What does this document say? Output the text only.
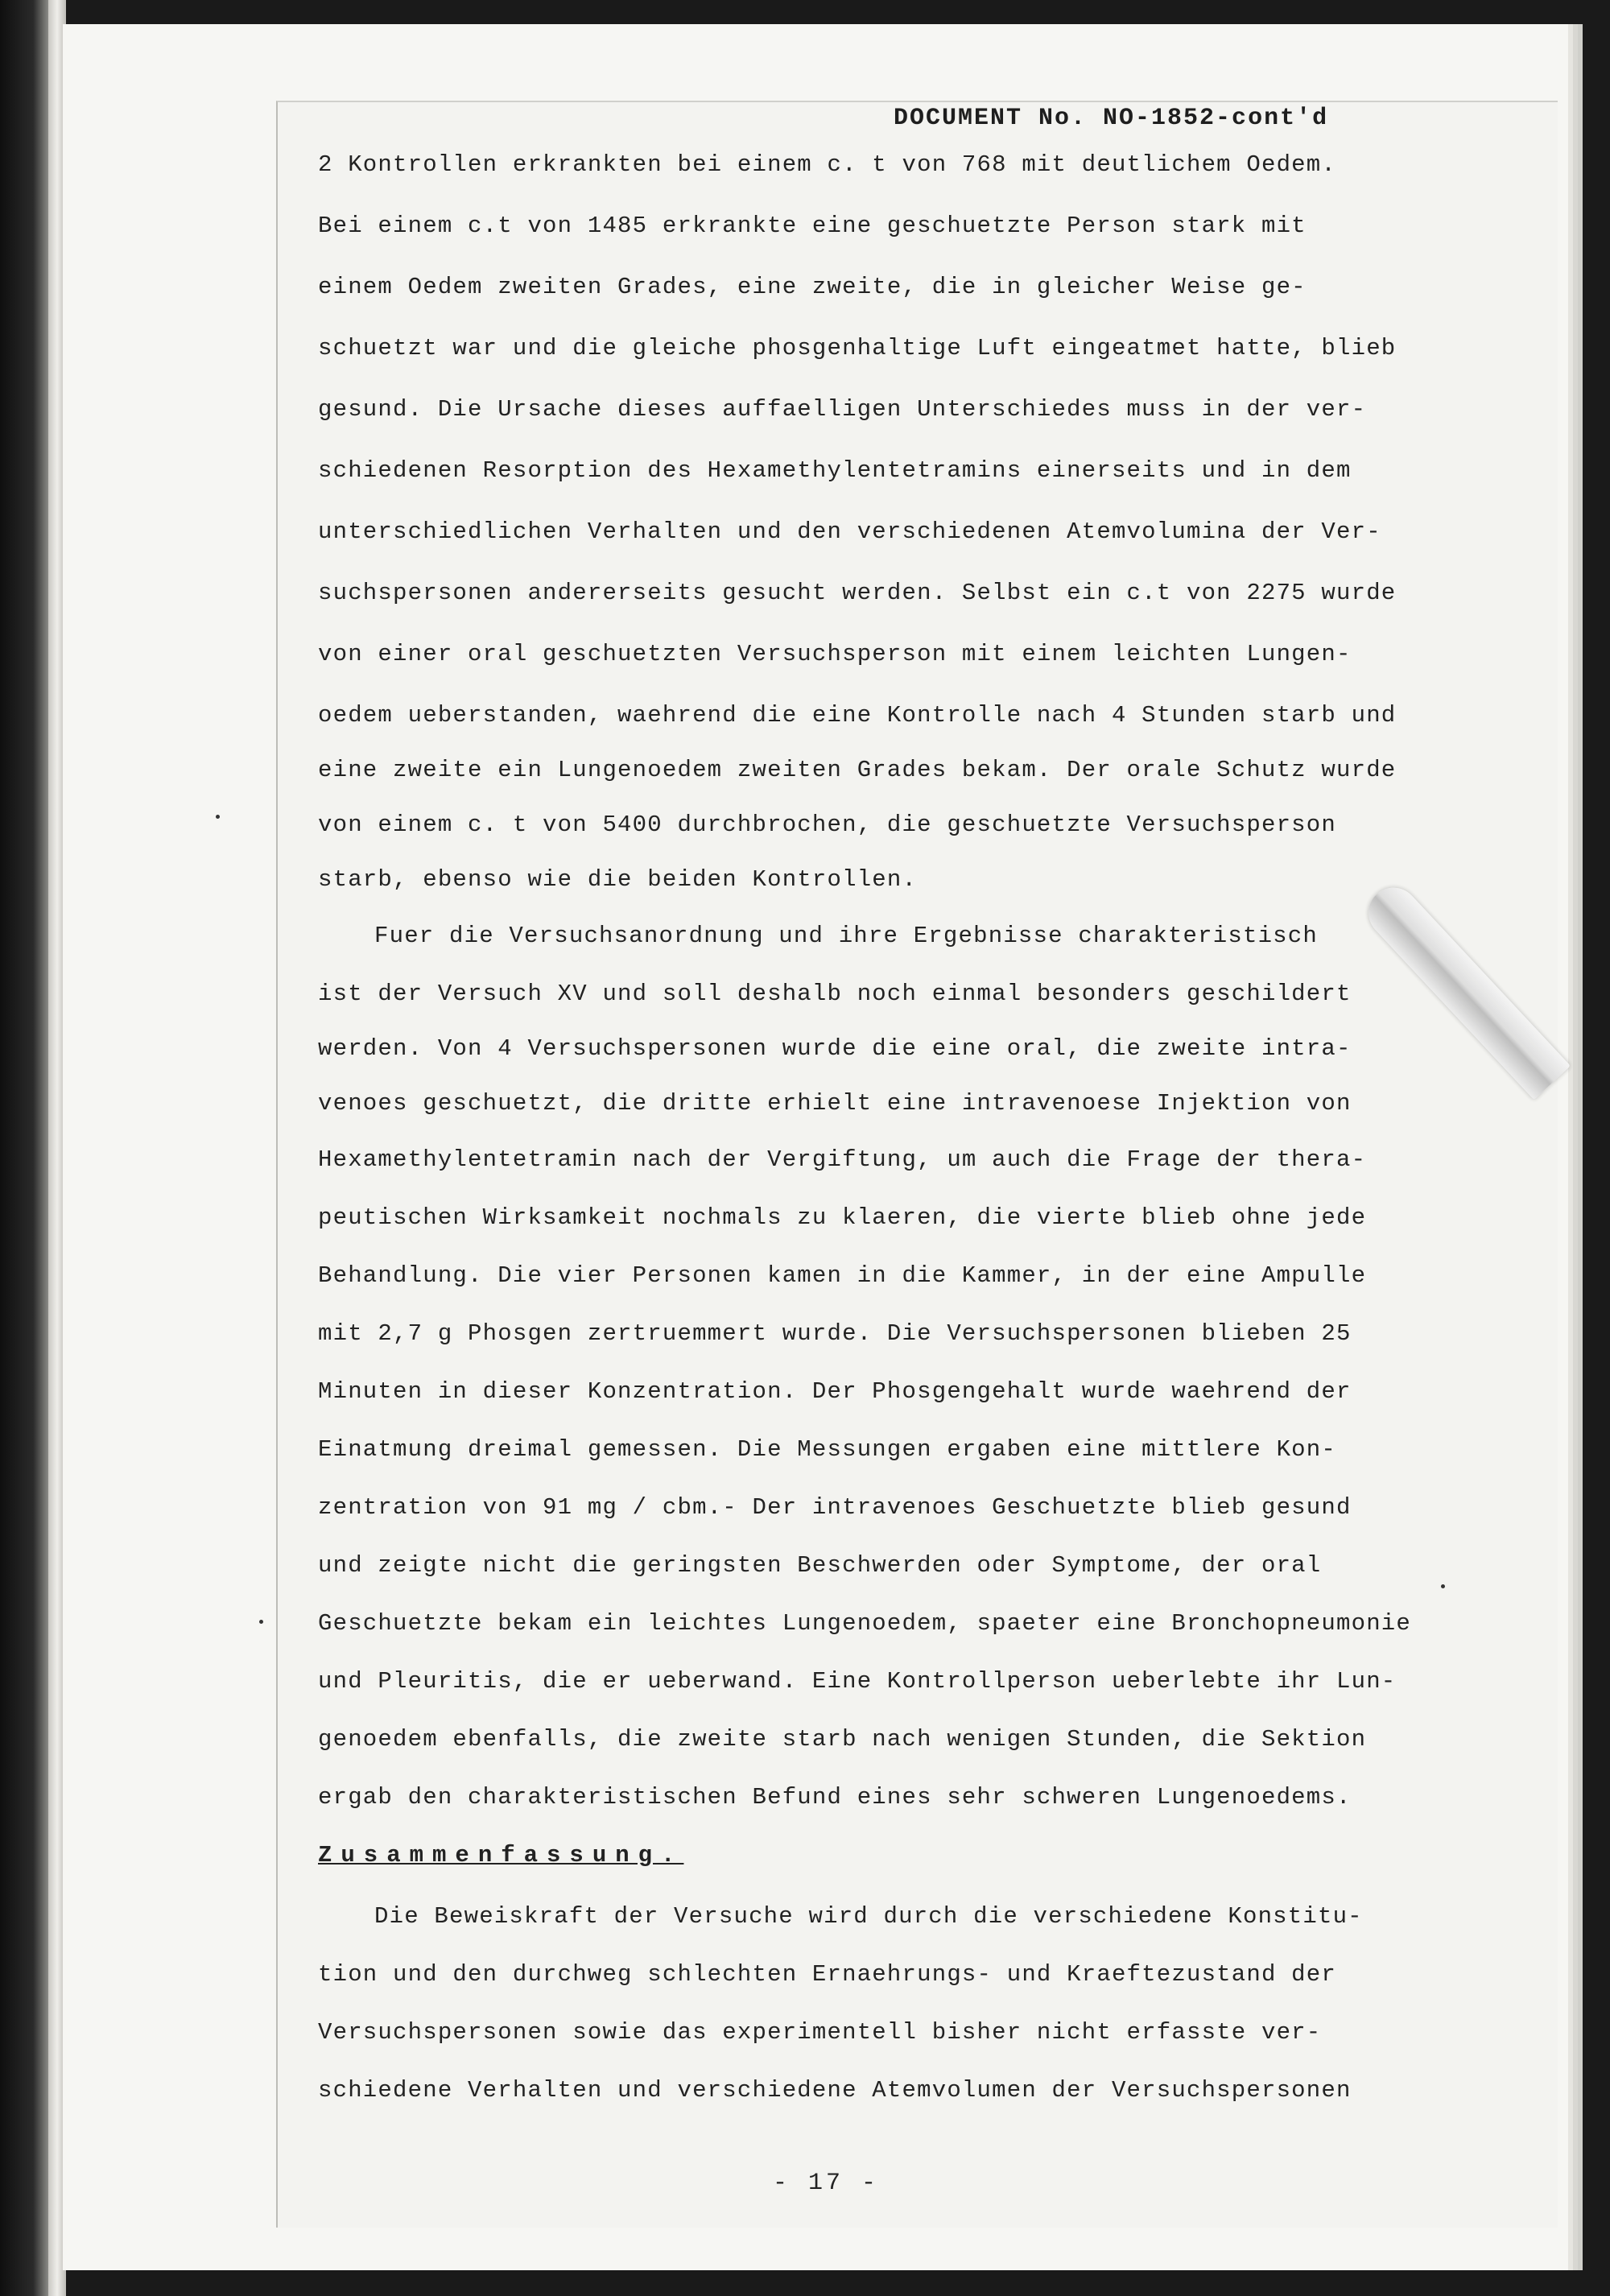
DOCUMENT No. NO-1852-cont'd
2 Kontrollen erkrankten bei einem c. t von 768 mit deutlichem Oedem.
Bei einem c.t von 1485 erkrankte eine geschuetzte Person stark mit
einem Oedem zweiten Grades, eine zweite, die in gleicher Weise ge-
schuetzt war und die gleiche phosgenhaltige Luft eingeatmet hatte, blieb
gesund. Die Ursache dieses auffaelligen Unterschiedes muss in der ver-
schiedenen Resorption des Hexamethylentetramins einerseits und in dem
unterschiedlichen Verhalten und den verschiedenen Atemvolumina der Ver-
suchspersonen andererseits gesucht werden. Selbst ein c.t von 2275 wurde
von einer oral geschuetzten Versuchsperson mit einem leichten Lungen-
oedem ueberstanden, waehrend die eine Kontrolle nach 4 Stunden starb und
eine zweite ein Lungenoedem zweiten Grades bekam. Der orale Schutz wurde
von einem c. t von 5400 durchbrochen, die geschuetzte Versuchsperson
starb, ebenso wie die beiden Kontrollen.
Fuer die Versuchsanordnung und ihre Ergebnisse charakteristisch
ist der Versuch XV und soll deshalb noch einmal besonders geschildert
werden. Von 4 Versuchspersonen wurde die eine oral, die zweite intra-
venoes geschuetzt, die dritte erhielt eine intravenoese Injektion von
Hexamethylentetramin nach der Vergiftung, um auch die Frage der thera-
peutischen Wirksamkeit nochmals zu klaeren, die vierte blieb ohne jede
Behandlung. Die vier Personen kamen in die Kammer, in der eine Ampulle
mit 2,7 g Phosgen zertruemmert wurde. Die Versuchspersonen blieben 25
Minuten in dieser Konzentration. Der Phosgengehalt wurde waehrend der
Einatmung dreimal gemessen. Die Messungen ergaben eine mittlere Kon-
zentration von 91 mg / cbm.- Der intravenoes Geschuetzte blieb gesund
und zeigte nicht die geringsten Beschwerden oder Symptome, der oral
Geschuetzte bekam ein leichtes Lungenoedem, spaeter eine Bronchopneumonie
und Pleuritis, die er ueberwand. Eine Kontrollperson ueberlebte ihr Lun-
genoedem ebenfalls, die zweite starb nach wenigen Stunden, die Sektion
ergab den charakteristischen Befund eines sehr schweren Lungenoedems.
Zusammenfassung.
Die Beweiskraft der Versuche wird durch die verschiedene Konstitu-
tion und den durchweg schlechten Ernaehrungs- und Kraeftezustand der
Versuchspersonen sowie das experimentell bisher nicht erfasste ver-
schiedene Verhalten und verschiedene Atemvolumen der Versuchspersonen
- 17 -
